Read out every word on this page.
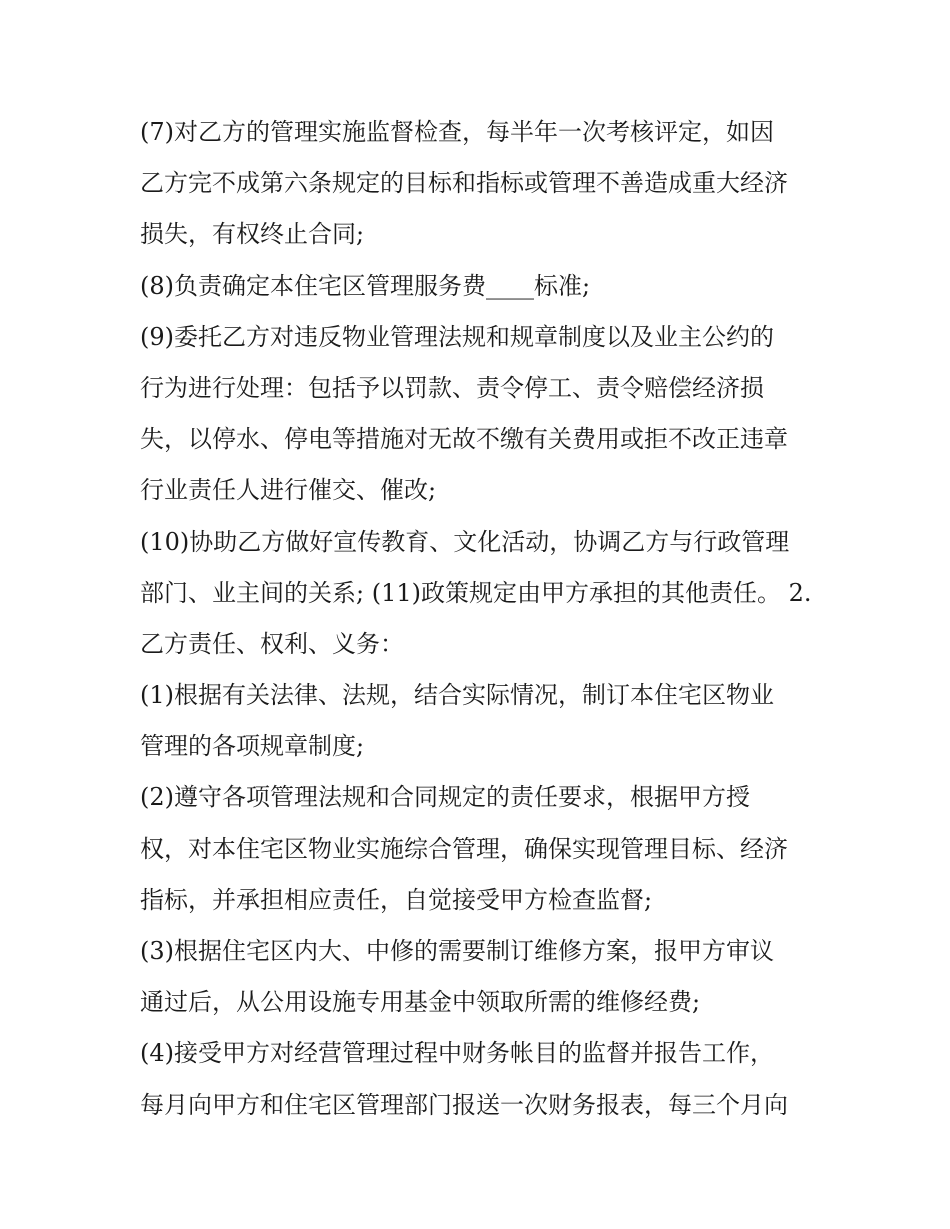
(7)对乙方的管理实施监督检查，每半年一次考核评定，如因
乙方完不成第六条规定的目标和指标或管理不善造成重大经济
损失，有权终止合同;
(8)负责确定本住宅区管理服务费____标准;
(9)委托乙方对违反物业管理法规和规章制度以及业主公约的
行为进行处理：包括予以罚款、责令停工、责令赔偿经济损
失，以停水、停电等措施对无故不缴有关费用或拒不改正违章
行业责任人进行催交、催改;
(10)协助乙方做好宣传教育、文化活动，协调乙方与行政管理
部门、业主间的关系; (11)政策规定由甲方承担的其他责任。 2.
乙方责任、权利、义务：
(1)根据有关法律、法规，结合实际情况，制订本住宅区物业
管理的各项规章制度;
(2)遵守各项管理法规和合同规定的责任要求，根据甲方授
权，对本住宅区物业实施综合管理，确保实现管理目标、经济
指标，并承担相应责任，自觉接受甲方检查监督;
(3)根据住宅区内大、中修的需要制订维修方案，报甲方审议
通过后，从公用设施专用基金中领取所需的维修经费;
(4)接受甲方对经营管理过程中财务帐目的监督并报告工作，
每月向甲方和住宅区管理部门报送一次财务报表，每三个月向
